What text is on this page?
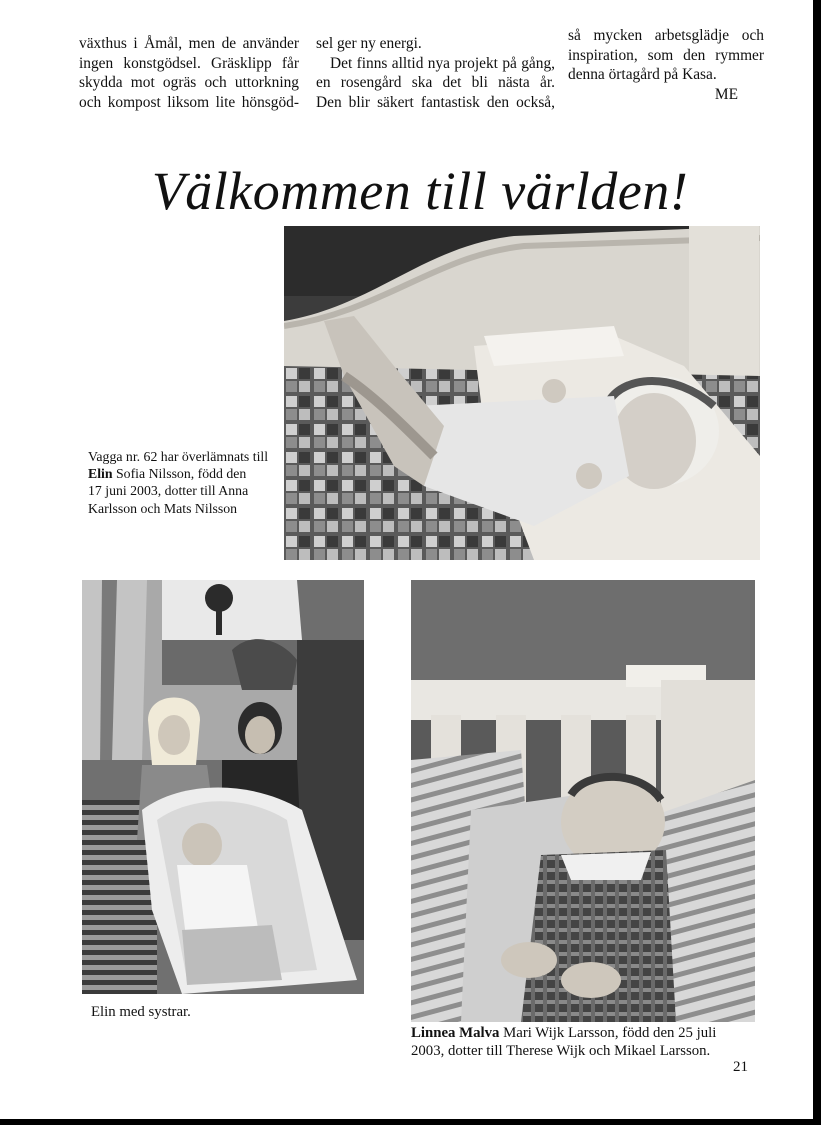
växthus i Åmål, men de använder
ingen konstgödsel. Gräsklipp får
skydda mot ogräs och uttorkning
och kompost liksom lite hönsgöd-
sel ger ny energi.
Det finns alltid nya projekt på gång,
en rosengård ska det bli nästa år.
Den blir säkert fantastisk den också,
så mycken arbetsglädje och
inspiration, som den rymmer
denna örtagård på Kasa.
ME
Välkommen till världen!
Vagga nr. 62 har överlämnats till
Elin Sofia Nilsson, född den
17 juni 2003, dotter till Anna
Karlsson och Mats Nilsson
Elin med systrar.
Linnea Malva Mari Wijk Larsson, född den 25 juli
2003, dotter till Therese Wijk och Mikael Larsson.
21
